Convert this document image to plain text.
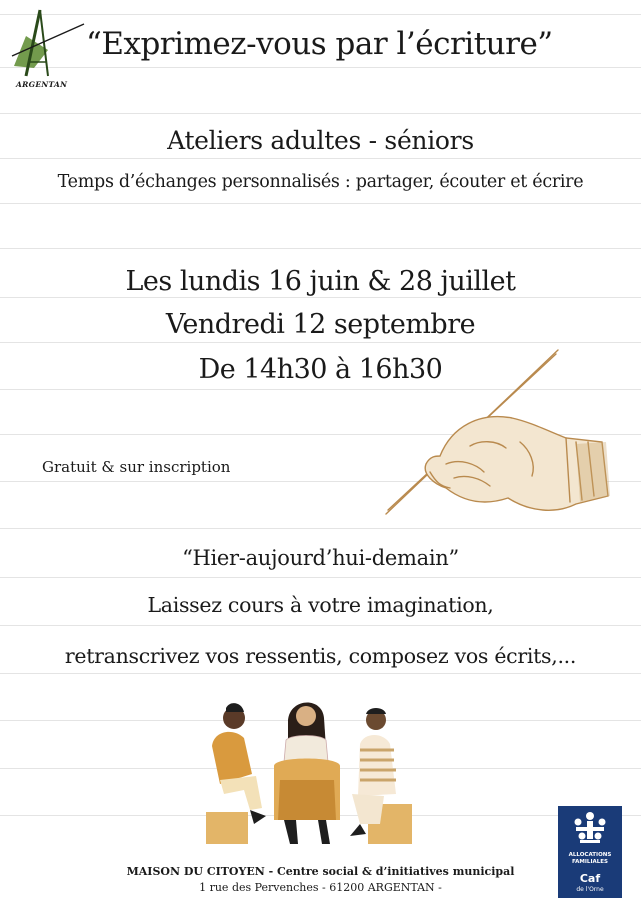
ARGENTAN
“Exprimez-vous par l’écriture”
Ateliers adultes - séniors
Temps d’échanges personnalisés : partager, écouter et écrire
Les lundis 16 juin & 28 juillet
Vendredi 12 septembre
De 14h30 à 16h30
Gratuit & sur inscription
“Hier-aujourd’hui-demain”
Laissez cours à votre imagination,
retranscrivez vos ressentis, composez vos écrits,...
MAISON DU CITOYEN - Centre social & d’initiatives municipal
1 rue des Pervenches - 61200 ARGENTAN -
ALLOCATIONS
FAMILIALES
Caf
de l'Orne
